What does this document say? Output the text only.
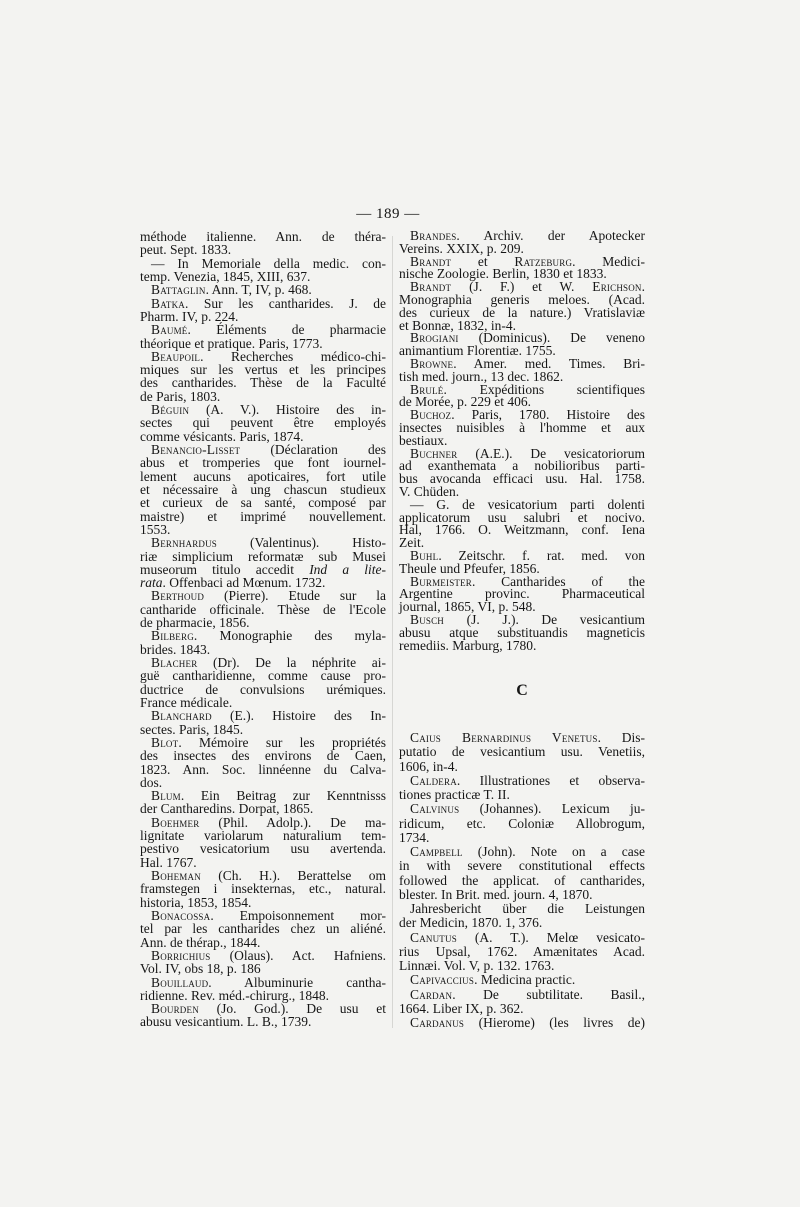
— 189 —
méthode italienne. Ann. de théra-
peut. Sept. 1833.
— In Memoriale della medic. con-
temp. Venezia, 1845, XIII, 637.
Battaglin. Ann. T, IV, p. 468.
Batka. Sur les cantharides. J. de
Pharm. IV, p. 224.
Baumé. Éléments de pharmacie
théorique et pratique. Paris, 1773.
Beaupoil. Recherches médico-chi-
miques sur les vertus et les principes
des cantharides. Thèse de la Faculté
de Paris, 1803.
Béguin (A. V.). Histoire des in-
sectes qui peuvent être employés
comme vésicants. Paris, 1874.
Benancio-Lisset (Déclaration des
abus et tromperies que font iournel-
lement aucuns apoticaires, fort utile
et nécessaire à ung chascun studieux
et curieux de sa santé, composé par
maistre) et imprimé nouvellement.
1553.
Bernhardus (Valentinus). Histo-
riæ simplicium reformatæ sub Musei
museorum titulo accedit Ind a lite-
rata. Offenbaci ad Mœnum. 1732.
Berthoud (Pierre). Etude sur la
cantharide officinale. Thèse de l'Ecole
de pharmacie, 1856.
Bilberg. Monographie des myla-
brides. 1843.
Blacher (Dr). De la néphrite ai-
guë cantharidienne, comme cause pro-
ductrice de convulsions urémiques.
France médicale.
Blanchard (E.). Histoire des In-
sectes. Paris, 1845.
Blot. Mémoire sur les propriétés
des insectes des environs de Caen,
1823. Ann. Soc. linnéenne du Calva-
dos.
Blum. Ein Beitrag zur Kenntnisss
der Cantharedins. Dorpat, 1865.
Boehmer (Phil. Adolp.). De ma-
lignitate variolarum naturalium tem-
pestivo vesicatorium usu avertenda.
Hal. 1767.
Boheman (Ch. H.). Berattelse om
framstegen i insekternas, etc., natural.
historia, 1853, 1854.
Bonacossa. Empoisonnement mor-
tel par les cantharides chez un aliéné.
Ann. de thérap., 1844.
Borrichius (Olaus). Act. Hafniens.
Vol. IV, obs 18, p. 186
Bouillaud. Albuminurie cantha-
ridienne. Rev. méd.-chirurg., 1848.
Bourden (Jo. God.). De usu et
abusu vesicantium. L. B., 1739.
Brandes. Archiv. der Apotecker
Vereins. XXIX, p. 209.
Brandt et Ratzeburg. Medici-
nische Zoologie. Berlin, 1830 et 1833.
Brandt (J. F.) et W. Erichson.
Monographia generis meloes. (Acad.
des curieux de la nature.) Vratislaviæ
et Bonnæ, 1832, in-4.
Brogiani (Dominicus). De veneno
animantium Florentiæ. 1755.
Browne. Amer. med. Times. Bri-
tish med. journ., 13 dec. 1862.
Brulé. Expéditions scientifiques
de Morée, p. 229 et 406.
Buchoz. Paris, 1780. Histoire des
insectes nuisibles à l'homme et aux
bestiaux.
Buchner (A.E.). De vesicatoriorum
ad exanthemata a nobilioribus parti-
bus avocanda efficaci usu. Hal. 1758.
V. Chüden.
— G. de vesicatorium parti dolenti
applicatorum usu salubri et nocivo.
Hal, 1766. O. Weitzmann, conf. Iena
Zeit.
Buhl. Zeitschr. f. rat. med. von
Theule und Pfeufer, 1856.
Burmeister. Cantharides of the
Argentine provinc. Pharmaceutical
journal, 1865, VI, p. 548.
Busch (J. J.). De vesicantium
abusu atque substituandis magneticis
remediis. Marburg, 1780.
C
Caius Bernardinus Venetus. Dis-
putatio de vesicantium usu. Venetiis,
1606, in-4.
Caldera. Illustrationes et observa-
tiones practicæ T. II.
Calvinus (Johannes). Lexicum ju-
ridicum, etc. Coloniæ Allobrogum,
1734.
Campbell (John). Note on a case
in with severe constitutional effects
followed the applicat. of cantharides,
blester. In Brit. med. journ. 4, 1870.
Jahresbericht über die Leistungen
der Medicin, 1870. 1, 376.
Canutus (A. T.). Melœ vesicato-
rius Upsal, 1762. Amænitates Acad.
Linnæi. Vol. V, p. 132. 1763.
Capivaccius. Medicina practic.
Cardan. De subtilitate. Basil.,
1664. Liber IX, p. 362.
Cardanus (Hierome) (les livres de)
